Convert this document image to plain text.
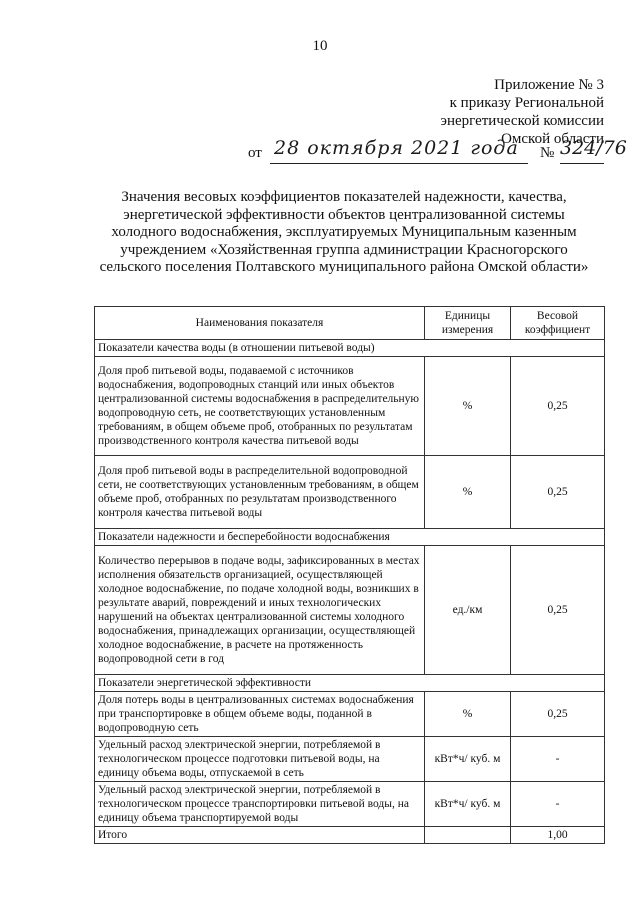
10
Приложение № 3
к приказу Региональной
энергетической комиссии
Омской области
от 28 октября 2021 года № 324/76
Значения весовых коэффициентов показателей надежности, качества, энергетической эффективности объектов централизованной системы холодного водоснабжения, эксплуатируемых Муниципальным казенным учреждением «Хозяйственная группа администрации Красногорского сельского поселения Полтавского муниципального района Омской области»
Наименования показателя	Единицы измерения	Весовой коэффициент
Показатели качества воды (в отношении питьевой воды)		
Доля проб питьевой воды, подаваемой с источников водоснабжения, водопроводных станций или иных объектов централизованной системы водоснабжения в распределительную водопроводную сеть, не соответствующих установленным требованиям, в общем объеме проб, отобранных по результатам производственного контроля качества питьевой воды	%	0,25
Доля проб питьевой воды в распределительной водопроводной сети, не соответствующих установленным требованиям, в общем объеме проб, отобранных по результатам производственного контроля качества питьевой воды	%	0,25
Показатели надежности и бесперебойности водоснабжения		
Количество перерывов в подаче воды, зафиксированных в местах исполнения обязательств организацией, осуществляющей холодное водоснабжение, по подаче холодной воды, возникших в результате аварий, повреждений и иных технологических нарушений на объектах централизованной системы холодного водоснабжения, принадлежащих организации, осуществляющей холодное водоснабжение, в расчете на протяженность водопроводной сети в год	ед./км	0,25
Показатели энергетической эффективности		
Доля потерь воды в централизованных системах водоснабжения при транспортировке в общем объеме воды, поданной в водопроводную сеть	%	0,25
Удельный расход электрической энергии, потребляемой в технологическом процессе подготовки питьевой воды, на единицу объема воды, отпускаемой в сеть	кВт*ч/ куб. м	-
Удельный расход электрической энергии, потребляемой в технологическом процессе транспортировки питьевой воды, на единицу объема транспортируемой воды	кВт*ч/ куб. м	-
Итого		1,00
